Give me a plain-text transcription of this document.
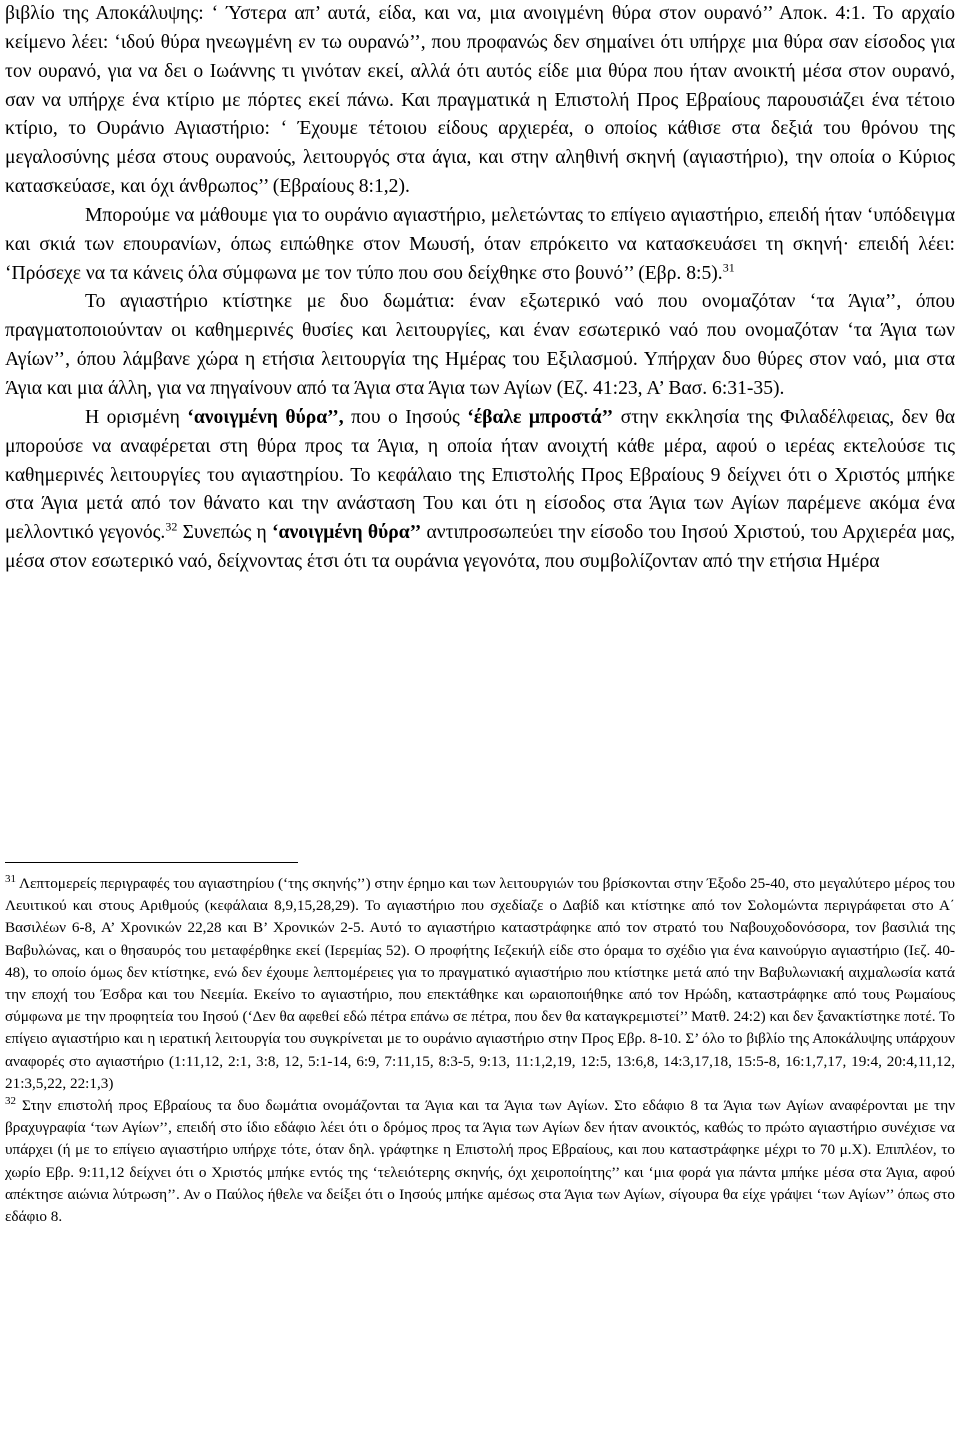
βιβλίο της Αποκάλυψης: ‘ Ύστερα απ’ αυτά, είδα, και να, μια ανοιγμένη θύρα στον ουρανό’’ Αποκ. 4:1. Το αρχαίο κείμενο λέει: ‘ιδού θύρα ηνεωγμένη εν τω ουρανώ’’, που προφανώς δεν σημαίνει ότι υπήρχε μια θύρα σαν είσοδος για τον ουρανό, για να δει ο Ιωάννης τι γινόταν εκεί, αλλά ότι αυτός είδε μια θύρα που ήταν ανοικτή μέσα στον ουρανό, σαν να υπήρχε ένα κτίριο με πόρτες εκεί πάνω. Και πραγματικά η Επιστολή Προς Εβραίους παρουσιάζει ένα τέτοιο κτίριο, το Ουράνιο Αγιαστήριο: ‘ Έχουμε τέτοιου είδους αρχιερέα, ο οποίος κάθισε στα δεξιά του θρόνου της μεγαλοσύνης μέσα στους ουρανούς, λειτουργός στα άγια, και στην αληθινή σκηνή (αγιαστήριο), την οποία ο Κύριος κατασκεύασε, και όχι άνθρωπος’’ (Εβραίους 8:1,2).

Μπορούμε να μάθουμε για το ουράνιο αγιαστήριο, μελετώντας το επίγειο αγιαστήριο, επειδή ήταν ‘υπόδειγμα και σκιά των επουρανίων, όπως ειπώθηκε στον Μωυσή, όταν επρόκειτο να κατασκευάσει τη σκηνή· επειδή λέει: ‘Πρόσεχε να τα κάνεις όλα σύμφωνα με τον τύπο που σου δείχθηκε στο βουνό’’ (Εβρ. 8:5).$^{31}$

Το αγιαστήριο κτίστηκε με δυο δωμάτια: έναν εξωτερικό ναό που ονομαζόταν ‘τα Άγια’’, όπου πραγματοποιούνταν οι καθημερινές θυσίες και λειτουργίες, και έναν εσωτερικό ναό που ονομαζόταν ‘τα Άγια των Αγίων’’, όπου λάμβανε χώρα η ετήσια λειτουργία της Ημέρας του Εξιλασμού. Υπήρχαν δυο θύρες στον ναό, μια στα Άγια και μια άλλη, για να πηγαίνουν από τα Άγια στα Άγια των Αγίων (Εζ. 41:23, Α’ Βασ. 6:31-35).

Η ορισμένη ‘ανοιγμένη θύρα’’, που ο Ιησούς ‘έβαλε μπροστά’’ στην εκκλησία της Φιλαδέλφειας, δεν θα μπορούσε να αναφέρεται στη θύρα προς τα Άγια, η οποία ήταν ανοιχτή κάθε μέρα, αφού ο ιερέας εκτελούσε τις καθημερινές λειτουργίες του αγιαστηρίου. Το κεφάλαιο της Επιστολής Προς Εβραίους 9 δείχνει ότι ο Χριστός μπήκε στα Άγια μετά από τον θάνατο και την ανάσταση Του και ότι η είσοδος στα Άγια των Αγίων παρέμενε ακόμα ένα μελλοντικό γεγονός.$^{32}$ Συνεπώς η ‘ανοιγμένη θύρα’’ αντιπροσωπεύει την είσοδο του Ιησού Χριστού, του Αρχιερέα μας, μέσα στον εσωτερικό ναό, δείχνοντας έτσι ότι τα ουράνια γεγονότα, που συμβολίζονταν από την ετήσια Ημέρα

$^{31}$ Λεπτομερείς περιγραφές του αγιαστηρίου (‘της σκηνής’’) στην έρημο και των λειτουργιών του βρίσκονται στην Έξοδο 25-40, στο μεγαλύτερο μέρος του Λευιτικού και στους Αριθμούς (κεφάλαια 8,9,15,28,29). Το αγιαστήριο που σχεδίαζε ο Δαβίδ και κτίστηκε από τον Σολομώντα περιγράφεται στο Α΄ Βασιλέων 6-8, Α’ Χρονικών 22,28 και Β’ Χρονικών 2-5. Αυτό το αγιαστήριο καταστράφηκε από τον στρατό του Ναβουχοδονόσορα, τον βασιλιά της Βαβυλώνας, και ο θησαυρός του μεταφέρθηκε εκεί (Ιερεμίας 52). Ο προφήτης Ιεζεκιήλ είδε στο όραμα το σχέδιο για ένα καινούργιο αγιαστήριο (Ιεζ. 40-48), το οποίο όμως δεν κτίστηκε, ενώ δεν έχουμε λεπτομέρειες για το πραγματικό αγιαστήριο που κτίστηκε μετά από την Βαβυλωνιακή αιχμαλωσία κατά την εποχή του Έσδρα και του Νεεμία. Εκείνο το αγιαστήριο, που επεκτάθηκε και ωραιοποιήθηκε από τον Ηρώδη, καταστράφηκε από τους Ρωμαίους σύμφωνα με την προφητεία του Ιησού (‘Δεν θα αφεθεί εδώ πέτρα επάνω σε πέτρα, που δεν θα καταγκρεμιστεί’’ Ματθ. 24:2) και δεν ξανακτίστηκε ποτέ. Το επίγειο αγιαστήριο και η ιερατική λειτουργία του συγκρίνεται με το ουράνιο αγιαστήριο στην Προς Εβρ. 8-10. Σ’ όλο το βιβλίο της Αποκάλυψης υπάρχουν αναφορές στο αγιαστήριο (1:11,12, 2:1, 3:8, 12, 5:1-14, 6:9, 7:11,15, 8:3-5, 9:13, 11:1,2,19, 12:5, 13:6,8, 14:3,17,18, 15:5-8, 16:1,7,17, 19:4, 20:4,11,12, 21:3,5,22, 22:1,3)

$^{32}$ Στην επιστολή προς Εβραίους τα δυο δωμάτια ονομάζονται τα Άγια και τα Άγια των Αγίων. Στο εδάφιο 8 τα Άγια των Αγίων αναφέρονται με την βραχυγραφία ‘των Αγίων’’, επειδή στο ίδιο εδάφιο λέει ότι ο δρόμος προς τα Άγια των Αγίων δεν ήταν ανοικτός, καθώς το πρώτο αγιαστήριο συνέχισε να υπάρχει (ή με το επίγειο αγιαστήριο υπήρχε τότε, όταν δηλ. γράφτηκε η Επιστολή προς Εβραίους, και που καταστράφηκε μέχρι το 70 μ.Χ). Επιπλέον, το χωρίο Εβρ. 9:11,12 δείχνει ότι ο Χριστός μπήκε εντός της ‘τελειότερης σκηνής, όχι χειροποίητης’’ και ‘μια φορά για πάντα μπήκε μέσα στα Άγια, αφού απέκτησε αιώνια λύτρωση’’. Αν ο Παύλος ήθελε να δείξει ότι ο Ιησούς μπήκε αμέσως στα Άγια των Αγίων, σίγουρα θα είχε γράψει ‘των Αγίων’’ όπως στο εδάφιο 8.
